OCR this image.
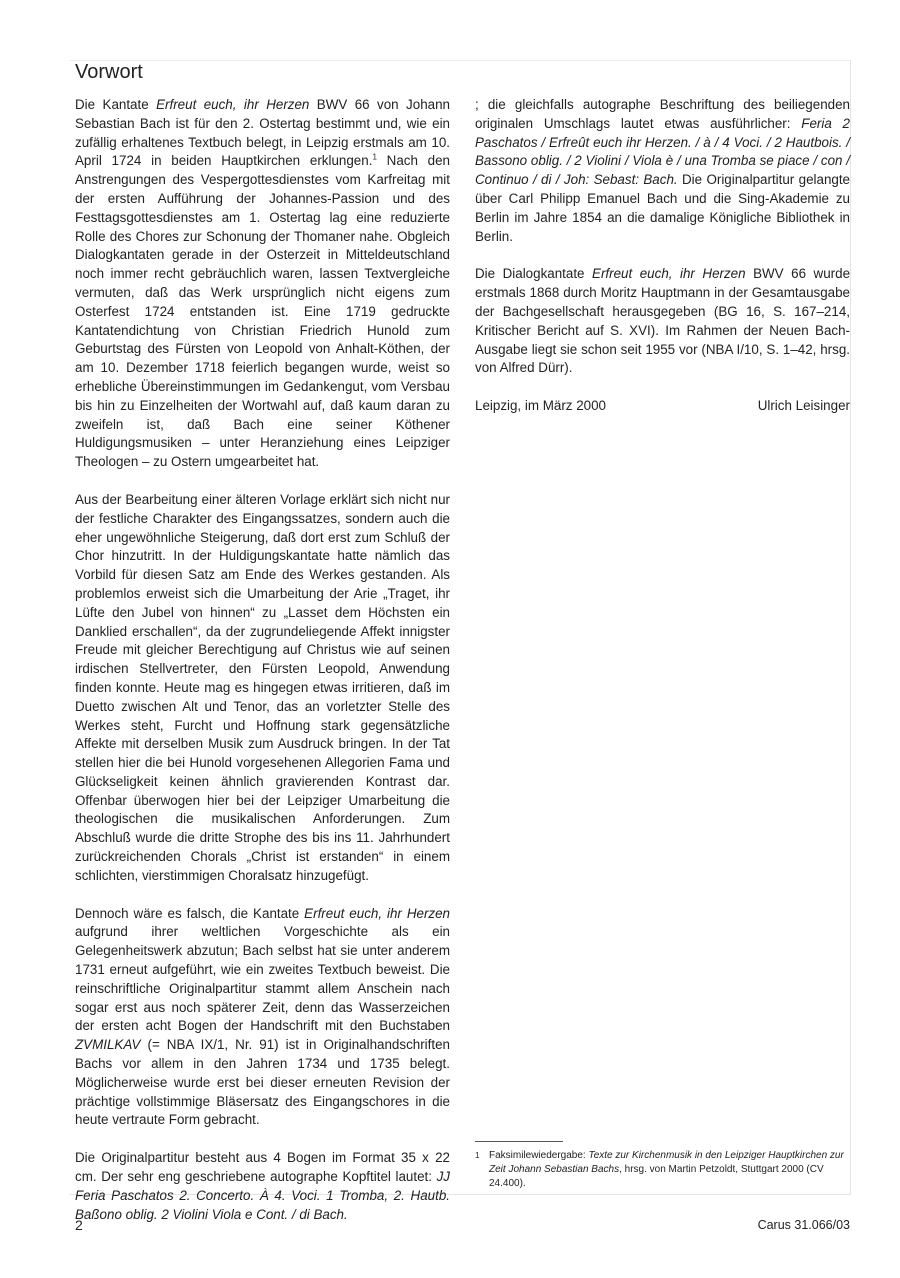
Vorwort

Die Kantate Erfreut euch, ihr Herzen BWV 66 von Johann Sebastian Bach ist für den 2. Ostertag bestimmt und, wie ein zufällig erhaltenes Textbuch belegt, in Leipzig erstmals am 10. April 1724 in beiden Hauptkirchen erklungen.$^1$ Nach den Anstrengungen des Vespergottesdienstes vom Karfreitag mit der ersten Aufführung der Johannes-Passion und des Festtagsgottesdienstes am 1. Ostertag lag eine reduzierte Rolle des Chores zur Schonung der Thomaner nahe. Obgleich Dialogkantaten gerade in der Osterzeit in Mitteldeutschland noch immer recht gebräuchlich waren, lassen Textvergleiche vermuten, daß das Werk ursprünglich nicht eigens zum Osterfest 1724 entstanden ist. Eine 1719 gedruckte Kantatendichtung von Christian Friedrich Hunold zum Geburtstag des Fürsten von Leopold von Anhalt-Köthen, der am 10. Dezember 1718 feierlich begangen wurde, weist so erhebliche Übereinstimmungen im Gedankengut, vom Versbau bis hin zu Einzelheiten der Wortwahl auf, daß kaum daran zu zweifeln ist, daß Bach eine seiner Köthener Huldigungsmusiken – unter Heranziehung eines Leipziger Theologen – zu Ostern umgearbeitet hat.

Aus der Bearbeitung einer älteren Vorlage erklärt sich nicht nur der festliche Charakter des Eingangssatzes, sondern auch die eher ungewöhnliche Steigerung, daß dort erst zum Schluß der Chor hinzutritt. In der Huldigungskantate hatte nämlich das Vorbild für diesen Satz am Ende des Werkes gestanden. Als problemlos erweist sich die Umarbeitung der Arie „Traget, ihr Lüfte den Jubel von hinnen“ zu „Lasset dem Höchsten ein Danklied erschallen“, da der zugrundeliegende Affekt innigster Freude mit gleicher Berechtigung auf Christus wie auf seinen irdischen Stellvertreter, den Fürsten Leopold, Anwendung finden konnte. Heute mag es hingegen etwas irritieren, daß im Duetto zwischen Alt und Tenor, das an vorletzter Stelle des Werkes steht, Furcht und Hoffnung stark gegensätzliche Affekte mit derselben Musik zum Ausdruck bringen. In der Tat stellen hier die bei Hunold vorgesehenen Allegorien Fama und Glückseligkeit keinen ähnlich gravierenden Kontrast dar. Offenbar überwogen hier bei der Leipziger Umarbeitung die theologischen die musikalischen Anforderungen. Zum Abschluß wurde die dritte Strophe des bis ins 11. Jahrhundert zurückreichenden Chorals „Christ ist erstanden“ in einem schlichten, vierstimmigen Choralsatz hinzugefügt.

Dennoch wäre es falsch, die Kantate Erfreut euch, ihr Herzen aufgrund ihrer weltlichen Vorgeschichte als ein Gelegenheitswerk abzutun; Bach selbst hat sie unter anderem 1731 erneut aufgeführt, wie ein zweites Textbuch beweist. Die reinschriftliche Originalpartitur stammt allem Anschein nach sogar erst aus noch späterer Zeit, denn das Wasserzeichen der ersten acht Bogen der Handschrift mit den Buchstaben ZVMILKAV (= NBA IX/1, Nr. 91) ist in Originalhandschriften Bachs vor allem in den Jahren 1734 und 1735 belegt. Möglicherweise wurde erst bei dieser erneuten Revision der prächtige vollstimmige Bläsersatz des Eingangschores in die heute vertraute Form gebracht.

Die Originalpartitur besteht aus 4 Bogen im Format 35 x 22 cm. Der sehr eng geschriebene autographe Kopftitel lautet: JJ Feria Paschatos 2. Concerto. À 4. Voci. 1 Tromba, 2. Hautb. Baßono oblig. 2 Violini Viola e Cont. / di Bach.

; die gleichfalls autographe Beschriftung des beiliegenden originalen Umschlags lautet etwas ausführlicher: Feria 2 Paschatos / Erfreût euch ihr Herzen. / à / 4 Voci. / 2 Hautbois. / Bassono oblig. / 2 Violini / Viola è / una Tromba se piace / con / Continuo / di / Joh: Sebast: Bach. Die Originalpartitur gelangte über Carl Philipp Emanuel Bach und die Sing-Akademie zu Berlin im Jahre 1854 an die damalige Königliche Bibliothek in Berlin.

Die Dialogkantate Erfreut euch, ihr Herzen BWV 66 wurde erstmals 1868 durch Moritz Hauptmann in der Gesamtausgabe der Bachgesellschaft herausgegeben (BG 16, S. 167–214, Kritischer Bericht auf S. XVI). Im Rahmen der Neuen Bach-Ausgabe liegt sie schon seit 1955 vor (NBA I/10, S. 1–42, hrsg. von Alfred Dürr).

Leipzig, im März 2000	Ulrich Leisinger

1 Faksimilewiedergabe: Texte zur Kirchenmusik in den Leipziger Hauptkirchen zur Zeit Johann Sebastian Bachs, hrsg. von Martin Petzoldt, Stuttgart 2000 (CV 24.400).
2	Carus 31.066/03
